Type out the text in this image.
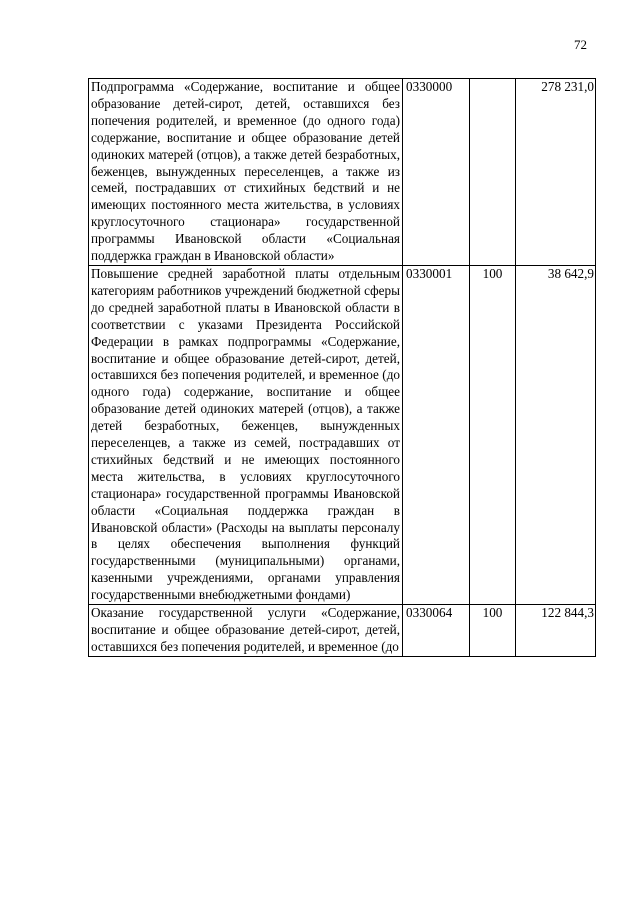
72
Подпрограмма «Содержание, воспитание и общее образование детей-сирот, детей, оставшихся без попечения родителей, и временное (до одного года) содержание, воспитание и общее образование детей одиноких матерей (отцов), а также детей безработных, беженцев, вынужденных переселенцев, а также из семей, пострадавших от стихийных бедствий и не имеющих постоянного места жительства, в условиях круглосуточного стационара» государственной программы Ивановской области «Социальная поддержка граждан в Ивановской области»	0330000		278 231,0
Повышение средней заработной платы отдельным категориям работников учреждений бюджетной сферы до средней заработной платы в Ивановской области в соответствии с указами Президента Российской Федерации в рамках подпрограммы «Содержание, воспитание и общее образование детей-сирот, детей, оставшихся без попечения родителей, и временное (до одного года) содержание, воспитание и общее образование детей одиноких матерей (отцов), а также детей безработных, беженцев, вынужденных переселенцев, а также из семей, пострадавших от стихийных бедствий и не имеющих постоянного места жительства, в условиях круглосуточного стационара» государственной программы Ивановской области «Социальная поддержка граждан в Ивановской области» (Расходы на выплаты персоналу в целях обеспечения выполнения функций государственными (муниципальными) органами, казенными учреждениями, органами управления государственными внебюджетными фондами)	0330001	100	38 642,9
Оказание государственной услуги «Содержание, воспитание и общее образование детей-сирот, детей, оставшихся без попечения родителей, и временное (до	0330064	100	122 844,3
